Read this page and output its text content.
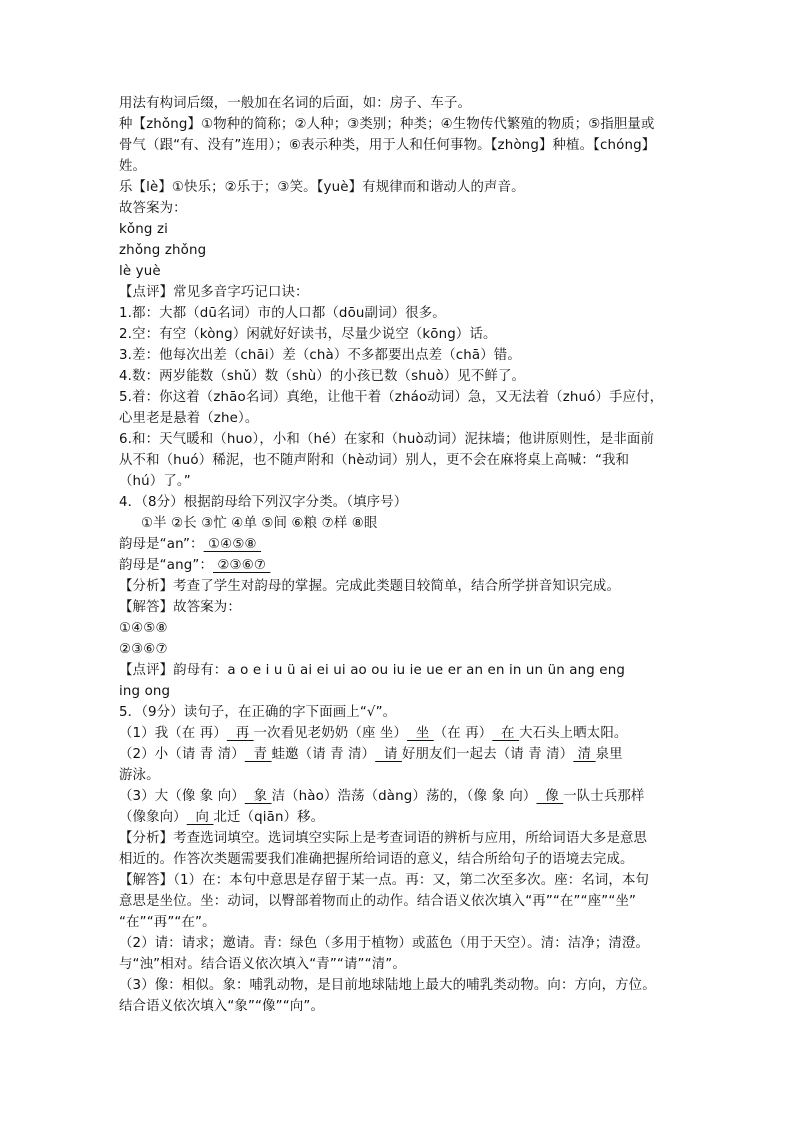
用法有构词后缀，一般加在名词的后面，如：房子、车子。
种【zhǒng】①物种的简称；②人种；③类别；种类；④生物传代繁殖的物质；⑤指胆量或
骨气（跟“有、没有”连用）；⑥表示种类，用于人和任何事物。【zhòng】种植。【chóng】
姓。
乐【lè】①快乐；②乐于；③笑。【yuè】有规律而和谐动人的声音。
故答案为：
kǒng zi
zhǒng zhǒng
lè yuè
【点评】常见多音字巧记口诀：
1.都：大都（dū名词）市的人口都（dōu副词）很多。
2.空：有空（kòng）闲就好好读书，尽量少说空（kōng）话。
3.差：他每次出差（chāi）差（chà）不多都要出点差（chā）错。
4.数：两岁能数（shǔ）数（shù）的小孩已数（shuò）见不鲜了。
5.着：你这着（zhāo名词）真绝，让他干着（zháo动词）急，又无法着（zhuó）手应付，
心里老是悬着（zhe）。
6.和：天气暖和（huo），小和（hé）在家和（huò动词）泥抹墙；他讲原则性，是非面前
从不和（huó）稀泥，也不随声附和（hè动词）别人，更不会在麻将桌上高喊：“我和
（hú）了。”
4．（8分）根据韵母给下列汉字分类。（填序号）
①半 ②长 ③忙 ④单 ⑤间 ⑥粮 ⑦样 ⑧眼
韵母是“an”： ①④⑤⑧
韵母是“ang”： ②③⑥⑦
【分析】考查了学生对韵母的掌握。完成此类题目较简单，结合所学拼音知识完成。
【解答】故答案为：
①④⑤⑧
②③⑥⑦
【点评】韵母有：a o e i u ü ai ei ui ao ou iu ie ue er an en in un ün ang eng
ing ong
5．（9分）读句子，在正确的字下面画上“√”。
（1）我（在 再）  再 一次看见老奶奶（座 坐）  坐 （在 再）  在 大石头上晒太阳。
（2）小（请 青 清）  青 蛙邀（请 青 清）  请 好朋友们一起去（请 青 清） 清 泉里
游泳。
（3）大（像 象 向）  象 洁（hào）浩荡（dàng）荡的，（像 象 向）  像 一队士兵那样
（像象向）  向 北迁（qiān）移。
【分析】考查选词填空。选词填空实际上是考查词语的辨析与应用，所给词语大多是意思
相近的。作答次类题需要我们准确把握所给词语的意义，结合所给句子的语境去完成。
【解答】（1）在：本句中意思是存留于某一点。再：又，第二次至多次。座：名词，本句
意思是坐位。坐：动词，以臀部着物而止的动作。结合语义依次填入“再”“在”“座”“坐”
“在”“再”“在”。
（2）请：请求；邀请。青：绿色（多用于植物）或蓝色（用于天空）。清：洁净；清澄。
与“浊”相对。结合语义依次填入“青”“请”“清”。
（3）像：相似。象：哺乳动物，是目前地球陆地上最大的哺乳类动物。向：方向，方位。
结合语义依次填入“象”“像”“向”。
